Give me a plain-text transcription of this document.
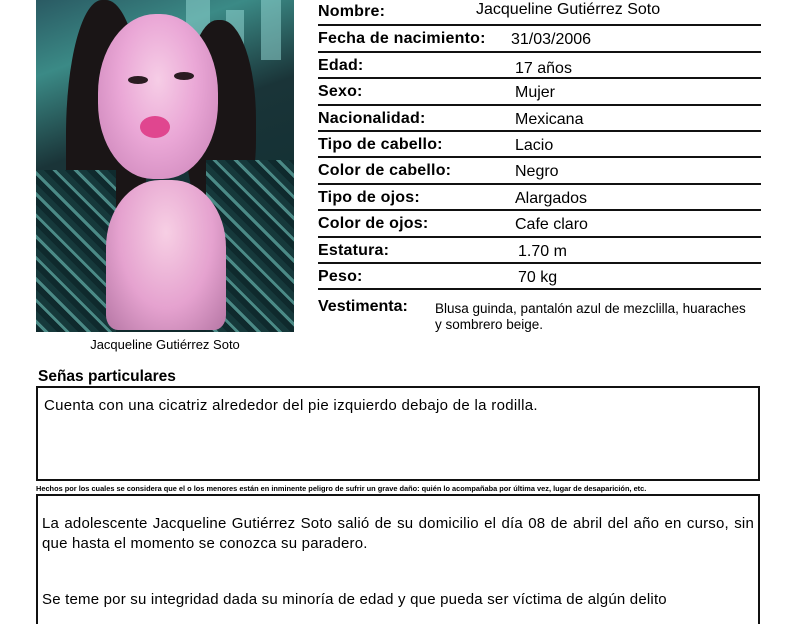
Jacqueline Gutiérrez Soto
Nombre:	Jacqueline Gutiérrez Soto
Fecha de nacimiento: 31/03/2006
Edad:	17 años
Sexo:	Mujer
Nacionalidad:	Mexicana
Tipo de cabello:	Lacio
Color de cabello:	Negro
Tipo de ojos:	Alargados
Color de ojos:	Cafe claro
Estatura:	1.70 m
Peso:	70 kg
Vestimenta: Blusa guinda, pantalón azul de mezclilla, huaraches y sombrero beige.
Señas particulares
Cuenta con una cicatriz alrededor del pie izquierdo debajo de la rodilla.
Hechos por los cuales se considera que el o los menores están en inminente peligro de sufrir un grave daño: quién lo acompañaba por última vez, lugar de desaparición, etc.
La adolescente Jacqueline Gutiérrez Soto salió de su domicilio el día 08 de abril del año en curso, sin que hasta el momento se conozca su paradero.
Se teme por su integridad dada su minoría de edad y que pueda ser víctima de algún delito
